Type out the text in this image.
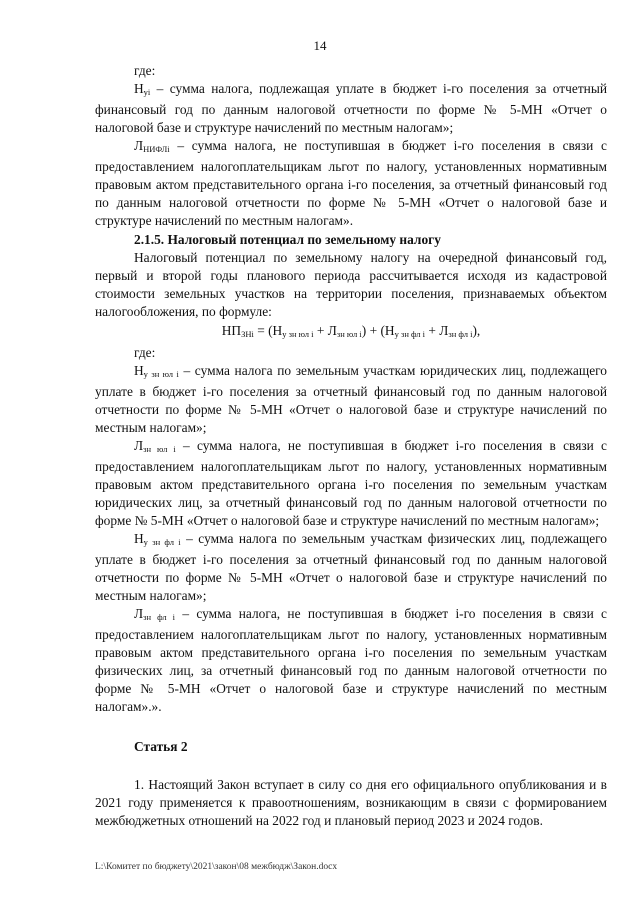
14

где:

$Н_{уi}$ – сумма налога, подлежащая уплате в бюджет i-го поселения за отчетный финансовый год по данным налоговой отчетности по форме № 5-МН «Отчет о налоговой базе и структуре начислений по местным налогам»;

$Л_{НИФЛi}$ – сумма налога, не поступившая в бюджет i-го поселения в связи с предоставлением налогоплательщикам льгот по налогу, установленных нормативным правовым актом представительного органа i-го поселения, за отчетный финансовый год по данным налоговой отчетности по форме № 5-МН «Отчет о налоговой базе и структуре начислений по местным налогам».

2.1.5. Налоговый потенциал по земельному налогу

Налоговый потенциал по земельному налогу на очередной финансовый год, первый и второй годы планового периода рассчитывается исходя из кадастровой стоимости земельных участков на территории поселения, признаваемых объектом налогообложения, по формуле:

$НП_{ЗНi} = (Н_{у зн юл i} + Л_{зн юл i}) + (Н_{у зн фл i} + Л_{зн фл i})$,

где:

$Н_{у зн юл i}$ – сумма налога по земельным участкам юридических лиц, подлежащего уплате в бюджет i-го поселения за отчетный финансовый год по данным налоговой отчетности по форме № 5-МН «Отчет о налоговой базе и структуре начислений по местным налогам»;

$Л_{зн юл i}$ – сумма налога, не поступившая в бюджет i-го поселения в связи с предоставлением налогоплательщикам льгот по налогу, установленных нормативным правовым актом представительного органа i-го поселения по земельным участкам юридических лиц, за отчетный финансовый год по данным налоговой отчетности по форме № 5-МН «Отчет о налоговой базе и структуре начислений по местным налогам»;

$Н_{у зн фл i}$ – сумма налога по земельным участкам физических лиц, подлежащего уплате в бюджет i-го поселения за отчетный финансовый год по данным налоговой отчетности по форме № 5-МН «Отчет о налоговой базе и структуре начислений по местным налогам»;

$Л_{зн фл i}$ – сумма налога, не поступившая в бюджет i-го поселения в связи с предоставлением налогоплательщикам льгот по налогу, установленных нормативным правовым актом представительного органа i-го поселения по земельным участкам физических лиц, за отчетный финансовый год по данным налоговой отчетности по форме № 5-МН «Отчет о налоговой базе и структуре начислений по местным налогам».».

Статья 2

1. Настоящий Закон вступает в силу со дня его официального опубликования и в 2021 году применяется к правоотношениям, возникающим в связи с формированием межбюджетных отношений на 2022 год и плановый период 2023 и 2024 годов.

L:\Комитет по бюджету\2021\закон\08 межбюдж\Закон.docx
